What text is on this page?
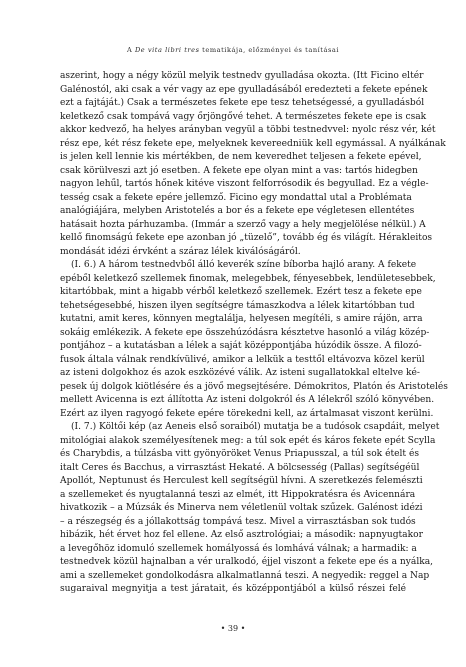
A De vita libri tres tematikája, előzményei és tanításai
aszerint, hogy a négy közül melyik testnedv gyulladása okozta. (Itt Ficino eltér
Galénostól, aki csak a vér vagy az epe gyulladásából eredezteti a fekete epének
ezt a fajtáját.) Csak a természetes fekete epe tesz tehetségessé, a gyulladásból
keletkező csak tompává vagy őrjöngővé tehet. A természetes fekete epe is csak
akkor kedvező, ha helyes arányban vegyül a többi testnedvvel: nyolc rész vér, két
rész epe, két rész fekete epe, melyeknek kevereedniük kell egymással. A nyálkának
is jelen kell lennie kis mértékben, de nem keveredhet teljesen a fekete epével,
csak körülveszi azt jó esetben. A fekete epe olyan mint a vas: tartós hidegben
nagyon lehűl, tartós hőnek kitéve viszont felforrósodik és begyullad. Ez a végle-
tesség csak a fekete epére jellemző. Ficino egy mondattal utal a Problémata
analógiájára, melyben Aristotelés a bor és a fekete epe végletesen ellentétes
hatásait hozta párhuzamba. (Immár a szerző vagy a hely megjelölése nélkül.) A
kellő finomságú fekete epe azonban jó „tüzelő”, tovább ég és világít. Hérakleitos
mondását idézi érvként a száraz lélek kiválóságáról.
(I. 6.) A három testnedvből álló keverék színe bíborba hajló arany. A fekete
epéből keletkező szellemek finomak, melegebbek, fényesebbek, lendületesebbek,
kitartóbbak, mint a higabb vérből keletkező szellemek. Ezért tesz a fekete epe
tehetségesebbé, hiszen ilyen segítségre támaszkodva a lélek kitartóbban tud
kutatni, amit keres, könnyen megtalálja, helyesen megítéli, s amire rájön, arra
sokáig emlékezik. A fekete epe összehúzódásra késztetve hasonló a világ közép-
pontjához – a kutatásban a lélek a saját középpontjába húzódik össze. A filozó-
fusok általa válnak rendkívülivé, amikor a lelkük a testtől eltávozva közel kerül
az isteni dolgokhoz és azok eszközévé válik. Az isteni sugallatokkal eltelve ké-
pesek új dolgok kiötlésére és a jövő megsejtésére. Démokritos, Platón és Aristotelés
mellett Avicenna is ezt állította Az isteni dolgokról és A lélekről szóló könyvében.
Ezért az ilyen ragyogó fekete epére törekedni kell, az ártalmasat viszont kerülni.
(I. 7.) Költői kép (az Aeneis első soraiból) mutatja be a tudósok csapdáit, melyet
mitológiai alakok személyesítenek meg: a túl sok epét és káros fekete epét Scylla
és Charybdis, a túlzásba vitt gyönyöröket Venus Priapusszal, a túl sok ételt és
italt Ceres és Bacchus, a virrasztást Hekaté. A bölcsesség (Pallas) segítségéül
Apollót, Neptunust és Herculest kell segítségül hívni. A szeretkezés felemészti
a szellemeket és nyugtalanná teszi az elmét, itt Hippokratésra és Avicennára
hivatkozik – a Múzsák és Minerva nem véletlenül voltak szűzek. Galénost idézi
– a részegség és a jóllakottság tompává tesz. Mivel a virrasztásban sok tudós
hibázik, hét érvet hoz fel ellene. Az első asztrológiai; a második: napnyugtakor
a levegőhöz idomuló szellemek homályossá és lomhává válnak; a harmadik: a
testnedvek közül hajnalban a vér uralkodó, éjjel viszont a fekete epe és a nyálka,
ami a szellemeket gondolkodásra alkalmatlanná teszi. A negyedik: reggel a Nap
sugaraival megnyitja a test járatait, és középpontjából a külső részei felé
• 39 •
